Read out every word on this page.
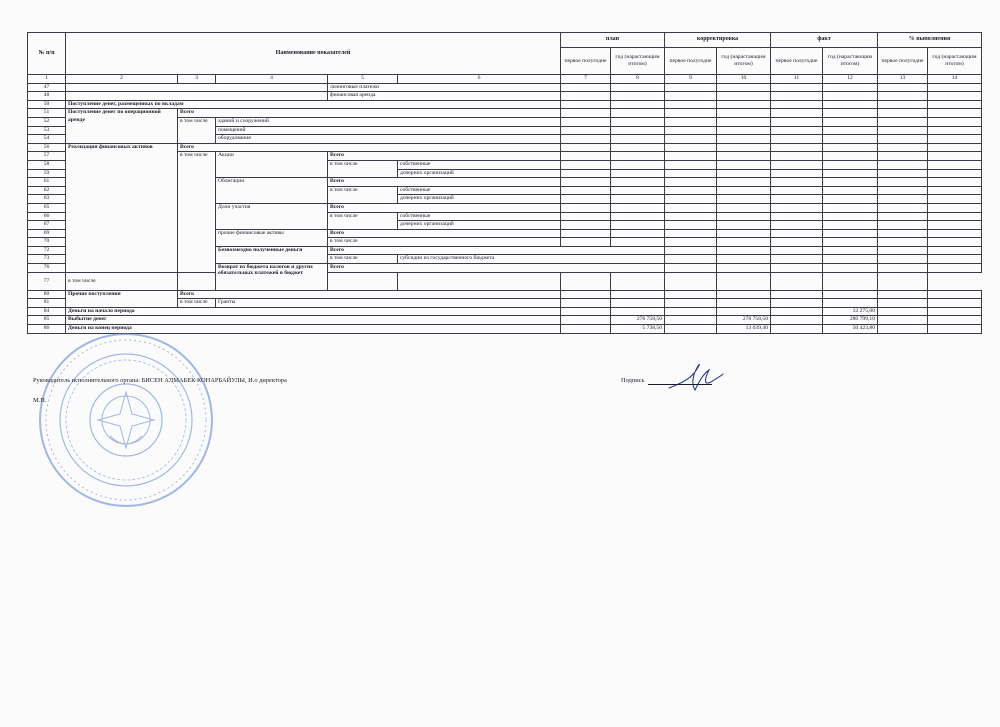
№ п/п	Наименование показателей					план		корректировка		факт		% выполнения		
						первое полугодие	год (нарастающим итогом)	первое полугодие	год (нарастающим итогом)	первое полугодие	год (нарастающим итогом)	первое полугодие	год (нарастающим итогом)	
1	2	3	4	5	6	7	8	9	10	11	12	13	14	
47				лизинговые платежи										
48				финансовая аренда										
50	Поступление денег, размещенных по вкладам													
51	Поступление денег по операционной аренде	Всего												
52		в том числе	зданий и сооружений											
53			помещений											
54			оборудования											
56	Реализация финансовых активов	Всего												
57		в том числе	Акции	Всего										
58				в том числе	собственные									
59					дочерних организаций									
61			Облигации	Всего										
62				в том числе	собственные									
63					дочерних организаций									
65			Доли участия	Всего										
66				в том числе	собственные									
67					дочерних организаций									
69			прочие финансовые активы	Всего										
70				в том числе										
72			Безвозмездно полученные деньги	Всего										
73				в том числе	субсидии из государственного бюджета									
76			Возврат из бюджета налогов и других обязательных платежей в бюджет	Всего										
77	в том числе													
80	Прочие поступления	Всего												
81		в том числе	Гранты											
84	Деньги на начало периода										12 275,00			
85	Выбытие денег						278 758,50		278 758,50		280 799,10			
86	Деньги на конец периода						5 738,50		13 039,40		50 423,80			
Руководитель исполнительного органа: БИСЕН АЛМАБЕК КОНАРБАЙУЛЫ, И.о директора	Подпись
М.П.
